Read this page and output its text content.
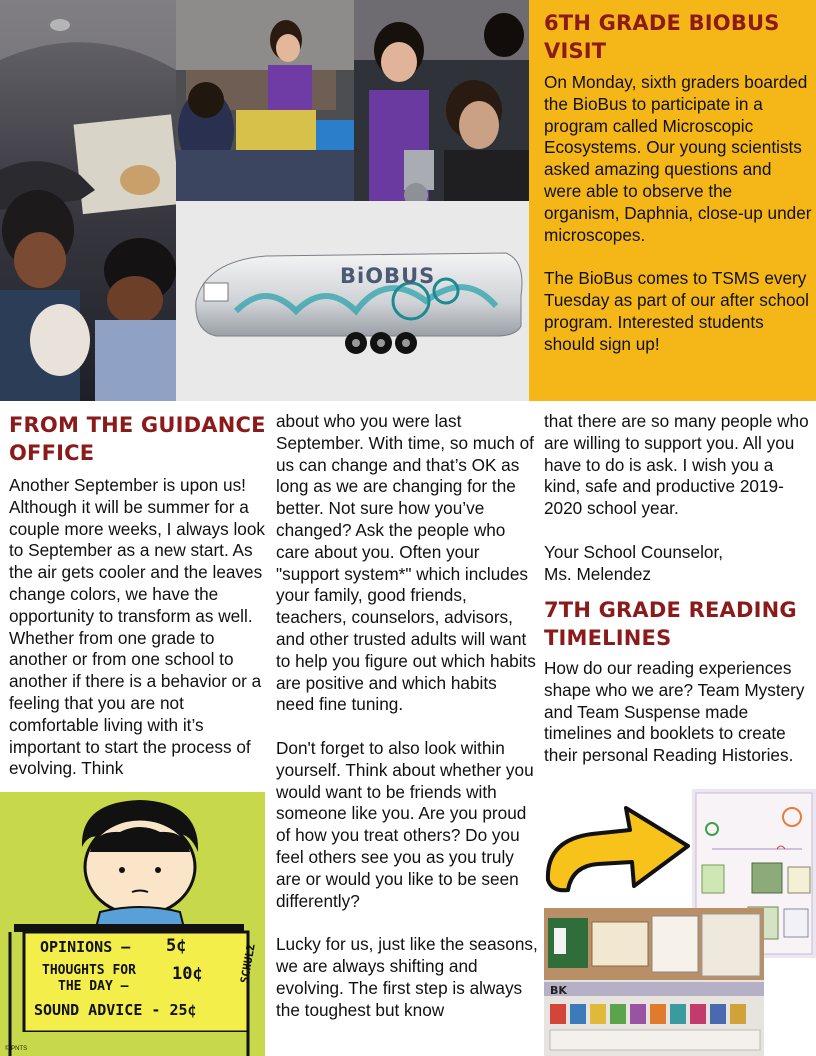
BiOBUS
6TH GRADE BIOBUS VISIT
On Monday, sixth graders boarded the BioBus to participate in a program called Microscopic Ecosystems. Our young scientists asked amazing questions and were able to observe the organism, Daphnia, close-up under microscopes.

The BioBus comes to TSMS every Tuesday as part of our after school program. Interested students should sign up!
FROM THE GUIDANCE OFFICE
Another September is upon us! Although it will be summer for a couple more weeks, I always look to September as a new start. As the air gets cooler and the leaves change colors, we have the opportunity to transform as well. Whether from one grade to another or from one school to another if there is a behavior or a feeling that you are not comfortable living with it’s important to start the process of evolving. Think
about who you were last September. With time, so much of us can change and that’s OK as long as we are changing for the better. Not sure how you’ve changed? Ask the people who care about you. Often your "support system*" which includes your family, good friends, teachers, counselors, advisors, and other trusted adults will want to help you figure out which habits are positive and which habits need fine tuning.

Don't forget to also look within yourself. Think about whether you would want to be friends with someone like you. Are you proud of how you treat others? Do you feel others see you as you truly are or would you like to be seen differently?

Lucky for us, just like the seasons, we are always shifting and evolving. The first step is always the toughest but know
that there are so many people who are willing to support you. All you have to do is ask. I wish you a kind, safe and productive 2019-2020 school year.

Your School Counselor,
Ms. Melendez
7TH GRADE READING TIMELINES
How do our reading experiences shape who we are? Team Mystery and Team Suspense made timelines and booklets to create their personal Reading Histories.
OPINIONS – 5¢
THOUGHTS FOR
THE DAY –
10¢
SOUND ADVICE - 25¢
SCHULZ
© PNTS
BK
